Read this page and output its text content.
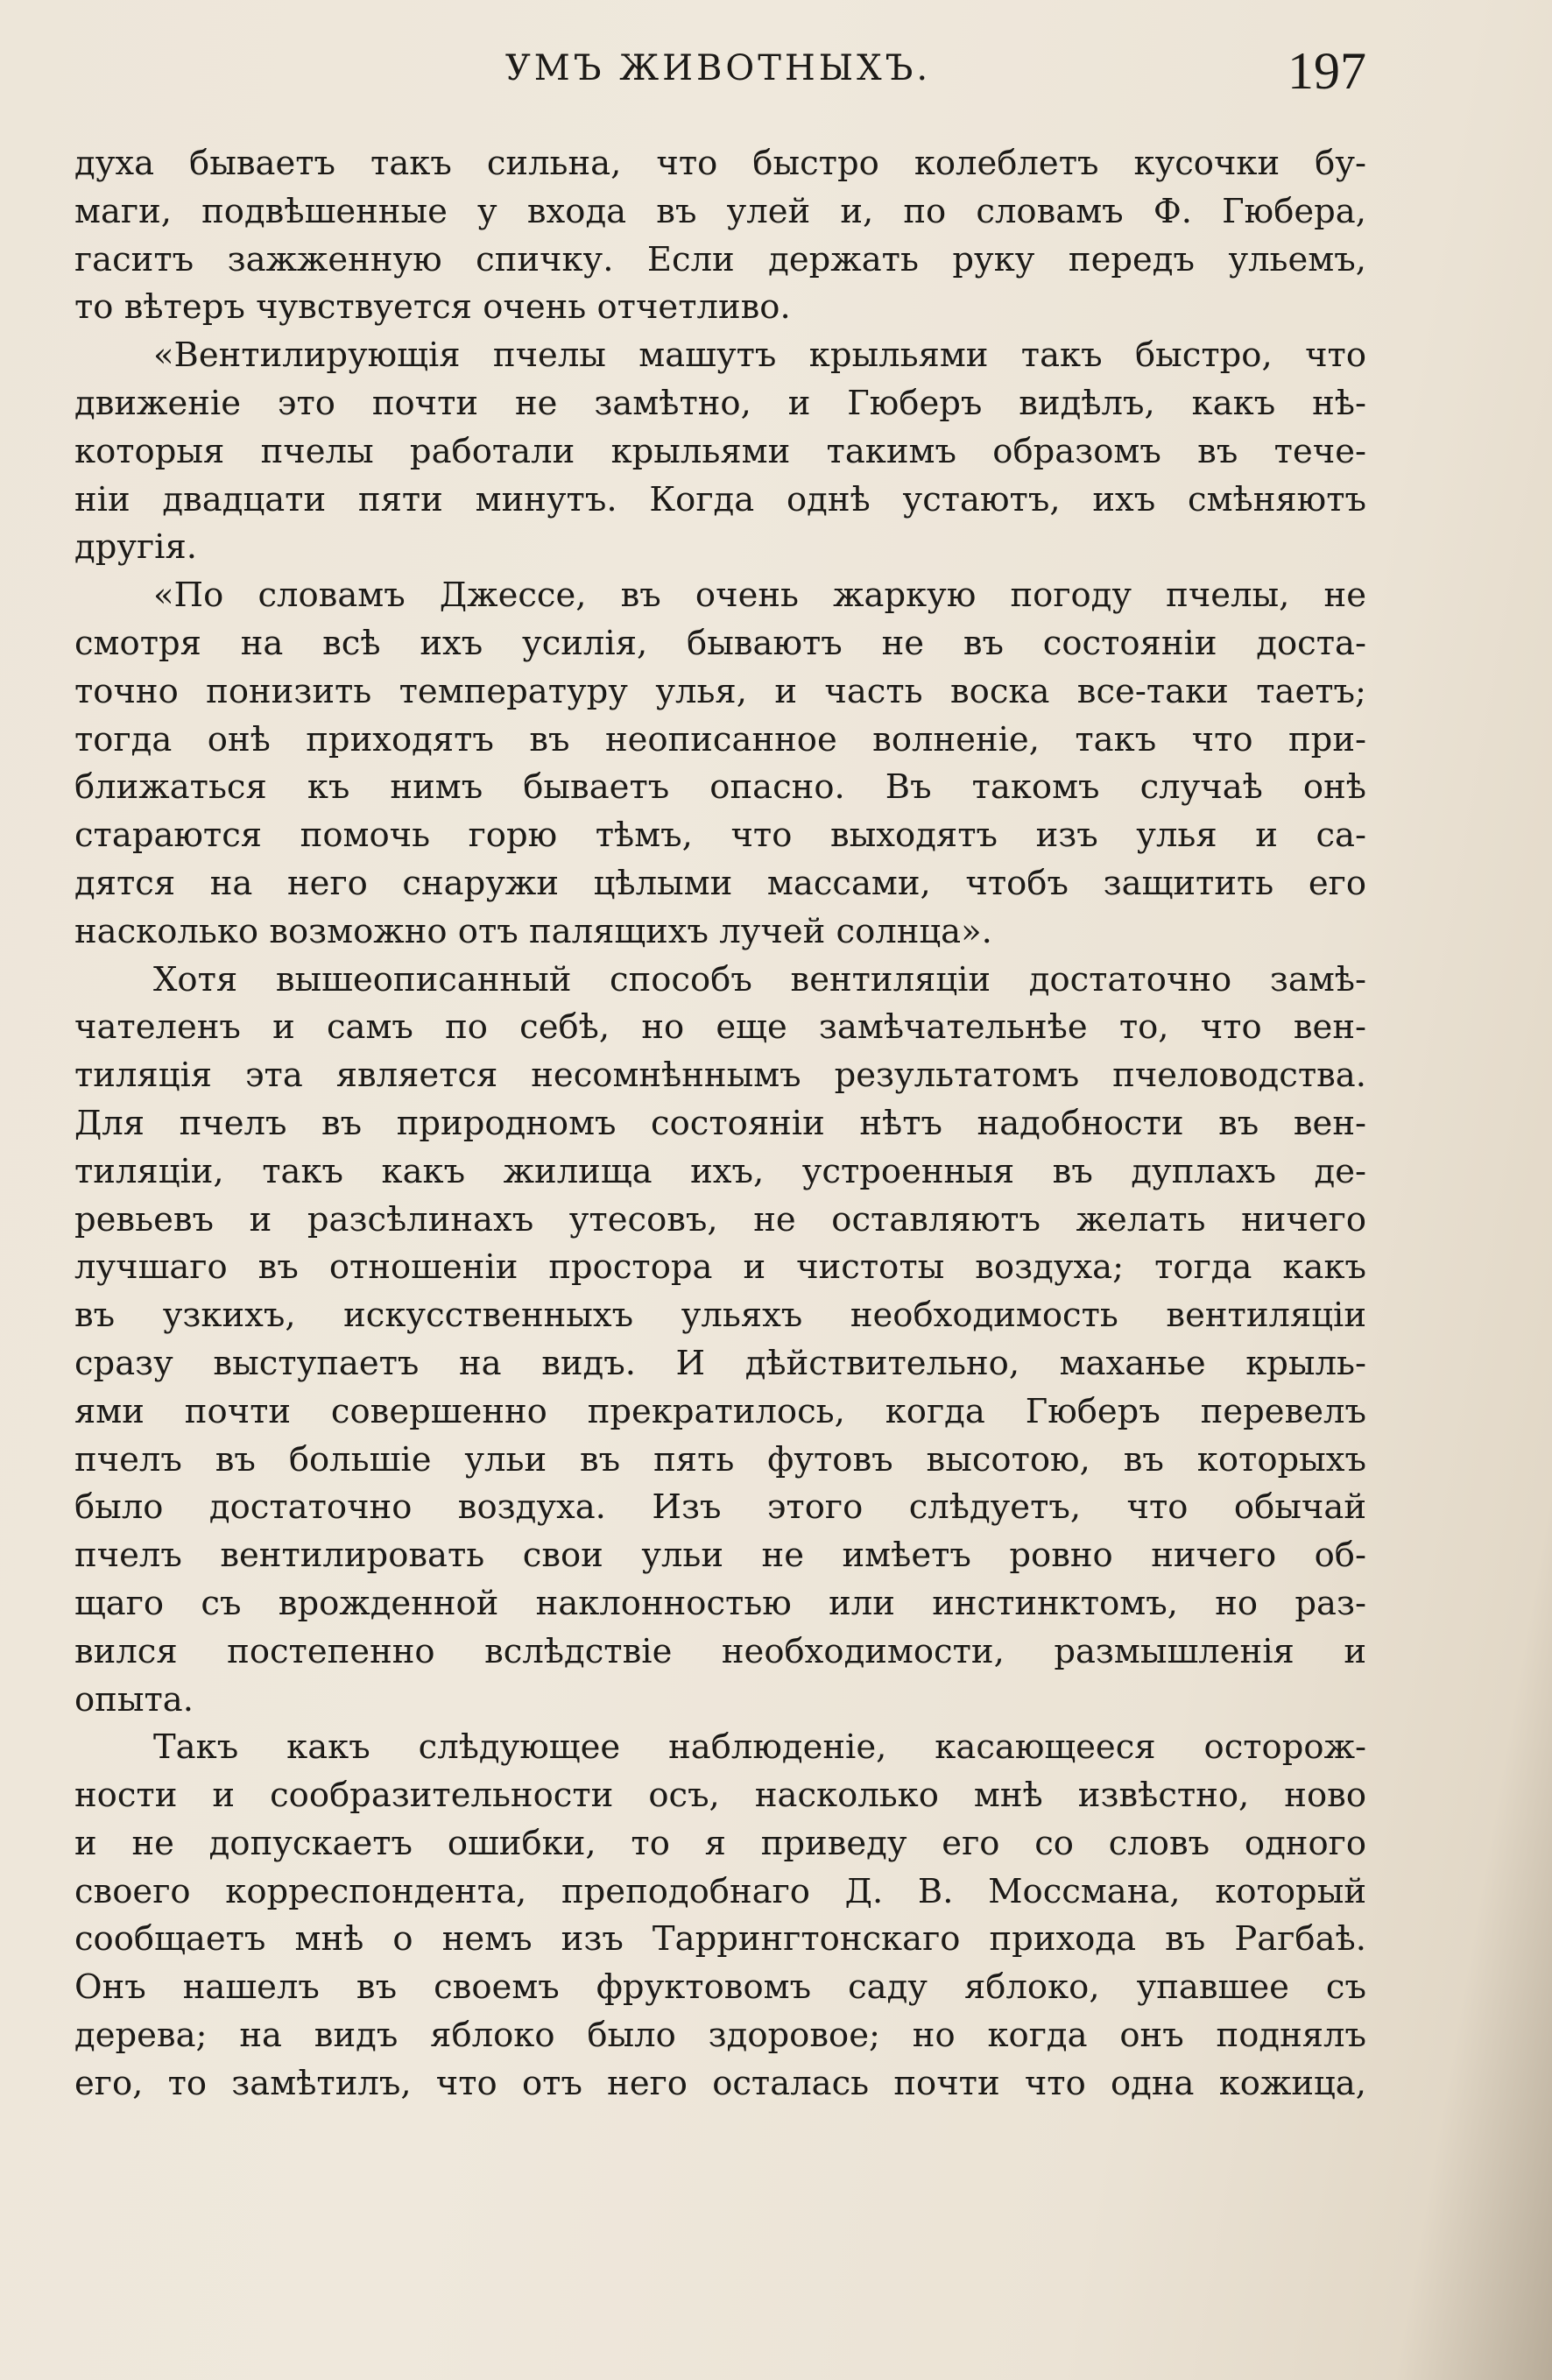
УМЪ ЖИВОТНЫХЪ.	197
духа бываетъ такъ сильна, что быстро колеблетъ кусочки бу-
маги, подвѣшенные у входа въ улей и, по словамъ Ф. Гюбера,
гаситъ зажженную спичку. Если держать руку передъ ульемъ,
то вѣтеръ чувствуется очень отчетливо.
«Вентилирующія пчелы машутъ крыльями такъ быстро, что
движеніе это почти не замѣтно, и Гюберъ видѣлъ, какъ нѣ-
которыя пчелы работали крыльями такимъ образомъ въ тече-
ніи двадцати пяти минутъ. Когда однѣ устаютъ, ихъ смѣняютъ
другія.
«По словамъ Джессе, въ очень жаркую погоду пчелы, не
смотря на всѣ ихъ усилія, бываютъ не въ состояніи доста-
точно понизить температуру улья, и часть воска все-таки таетъ;
тогда онѣ приходятъ въ неописанное волненіе, такъ что при-
ближаться къ нимъ бываетъ опасно. Въ такомъ случаѣ онѣ
стараются помочь горю тѣмъ, что выходятъ изъ улья и са-
дятся на него снаружи цѣлыми массами, чтобъ защитить его
насколько возможно отъ палящихъ лучей солнца».
Хотя вышеописанный способъ вентиляціи достаточно замѣ-
чателенъ и самъ по себѣ, но еще замѣчательнѣе то, что вен-
тиляція эта является несомнѣннымъ результатомъ пчеловодства.
Для пчелъ въ природномъ состояніи нѣтъ надобности въ вен-
тиляціи, такъ какъ жилища ихъ, устроенныя въ дуплахъ де-
ревьевъ и разсѣлинахъ утесовъ, не оставляютъ желать ничего
лучшаго въ отношеніи простора и чистоты воздуха; тогда какъ
въ узкихъ, искусственныхъ ульяхъ необходимость вентиляціи
сразу выступаетъ на видъ. И дѣйствительно, маханье крыль-
ями почти совершенно прекратилось, когда Гюберъ перевелъ
пчелъ въ большіе ульи въ пять футовъ высотою, въ которыхъ
было достаточно воздуха. Изъ этого слѣдуетъ, что обычай
пчелъ вентилировать свои ульи не имѣетъ ровно ничего об-
щаго съ врожденной наклонностью или инстинктомъ, но раз-
вился постепенно вслѣдствіе необходимости, размышленія и
опыта.
Такъ какъ слѣдующее наблюденіе, касающееся осторож-
ности и сообразительности осъ, насколько мнѣ извѣстно, ново
и не допускаетъ ошибки, то я приведу его со словъ одного
своего корреспондента, преподобнаго Д. В. Моссмана, который
сообщаетъ мнѣ о немъ изъ Таррингтонскаго прихода въ Рагбаѣ.
Онъ нашелъ въ своемъ фруктовомъ саду яблоко, упавшее съ
дерева; на видъ яблоко было здоровое; но когда онъ поднялъ
его, то замѣтилъ, что отъ него осталась почти что одна кожица,
